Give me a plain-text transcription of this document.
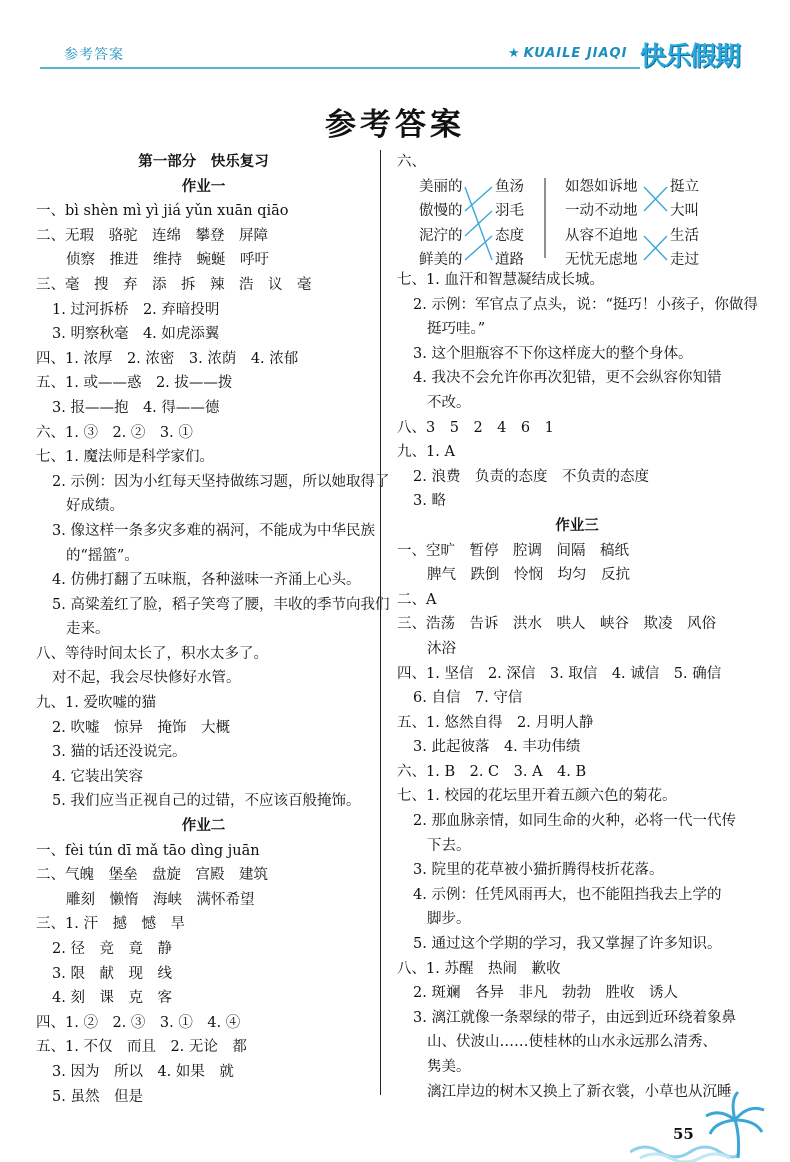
参考答案	★ KUAILE JIAQI 快乐假期
参考答案
第一部分　快乐复习
作业一
一、bì shèn mì yì jiá yǔn xuān qiāo
二、无瑕　骆驼　连绵　攀登　屏障
侦察　推进　维持　蜿蜒　呼吁
三、毫　搜　弃　添　拆　辣　浩　议　毫
1. 过河拆桥　2. 弃暗投明
3. 明察秋毫　4. 如虎添翼
四、1. 浓厚　2. 浓密　3. 浓荫　4. 浓郁
五、1. 或——惑　2. 拔——拨
3. 报——抱　4. 得——德
六、1. ③　2. ②　3. ①
七、1. 魔法师是科学家们。
2. 示例：因为小红每天坚持做练习题，所以她取得了
好成绩。
3. 像这样一条多灾多难的祸河，不能成为中华民族
的“摇篮”。
4. 仿佛打翻了五味瓶，各种滋味一齐涌上心头。
5. 高粱羞红了脸，稻子笑弯了腰，丰收的季节向我们
走来。
八、等待时间太长了，积水太多了。
对不起，我会尽快修好水管。
九、1. 爱吹嘘的猫
2. 吹嘘　惊异　掩饰　大概
3. 猫的话还没说完。
4. 它装出笑容
5. 我们应当正视自己的过错，不应该百般掩饰。
作业二
一、fèi tún dī mǎ tāo dìng juān
二、气魄　堡垒　盘旋　宫殿　建筑
雕刻　懒惰　海峡　满怀希望
三、1. 汗　撼　憾　旱
2. 径　竞　竟　静
3. 限　献　现　线
4. 刻　课　克　客
四、1. ②　2. ③　3. ①　4. ④
五、1. 不仅　而且　2. 无论　都
3. 因为　所以　4. 如果　就
5. 虽然　但是
六、
美丽的
傲慢的
泥泞的
鲜美的
鱼汤
羽毛
态度
道路
如怨如诉地
一动不动地
从容不迫地
无忧无虑地
挺立
大叫
生活
走过
七、1. 血汗和智慧凝结成长城。
2. 示例：军官点了点头，说：“挺巧！小孩子，你做得
挺巧哇。”
3. 这个胆瓶容不下你这样庞大的整个身体。
4. 我决不会允许你再次犯错，更不会纵容你知错
不改。
八、3　5　2　4　6　1
九、1. A
2. 浪费　负责的态度　不负责的态度
3. 略
作业三
一、空旷　暂停　腔调　间隔　稿纸
脾气　跌倒　怜悯　均匀　反抗
二、A
三、浩荡　告诉　洪水　哄人　峡谷　欺凌　风俗
沐浴
四、1. 坚信　2. 深信　3. 取信　4. 诚信　5. 确信
6. 自信　7. 守信
五、1. 悠然自得　2. 月明人静
3. 此起彼落　4. 丰功伟绩
六、1. B　2. C　3. A　4. B
七、1. 校园的花坛里开着五颜六色的菊花。
2. 那血脉亲情，如同生命的火种，必将一代一代传
下去。
3. 院里的花草被小猫折腾得枝折花落。
4. 示例：任凭风雨再大，也不能阻挡我去上学的
脚步。
5. 通过这个学期的学习，我又掌握了许多知识。
八、1. 苏醒　热闹　歉收
2. 斑斓　各异　非凡　勃勃　胜收　诱人
3. 漓江就像一条翠绿的带子，由远到近环绕着象鼻
山、伏波山……使桂林的山水永远那么清秀、
隽美。
漓江岸边的树木又换上了新衣裳，小草也从沉睡
55
